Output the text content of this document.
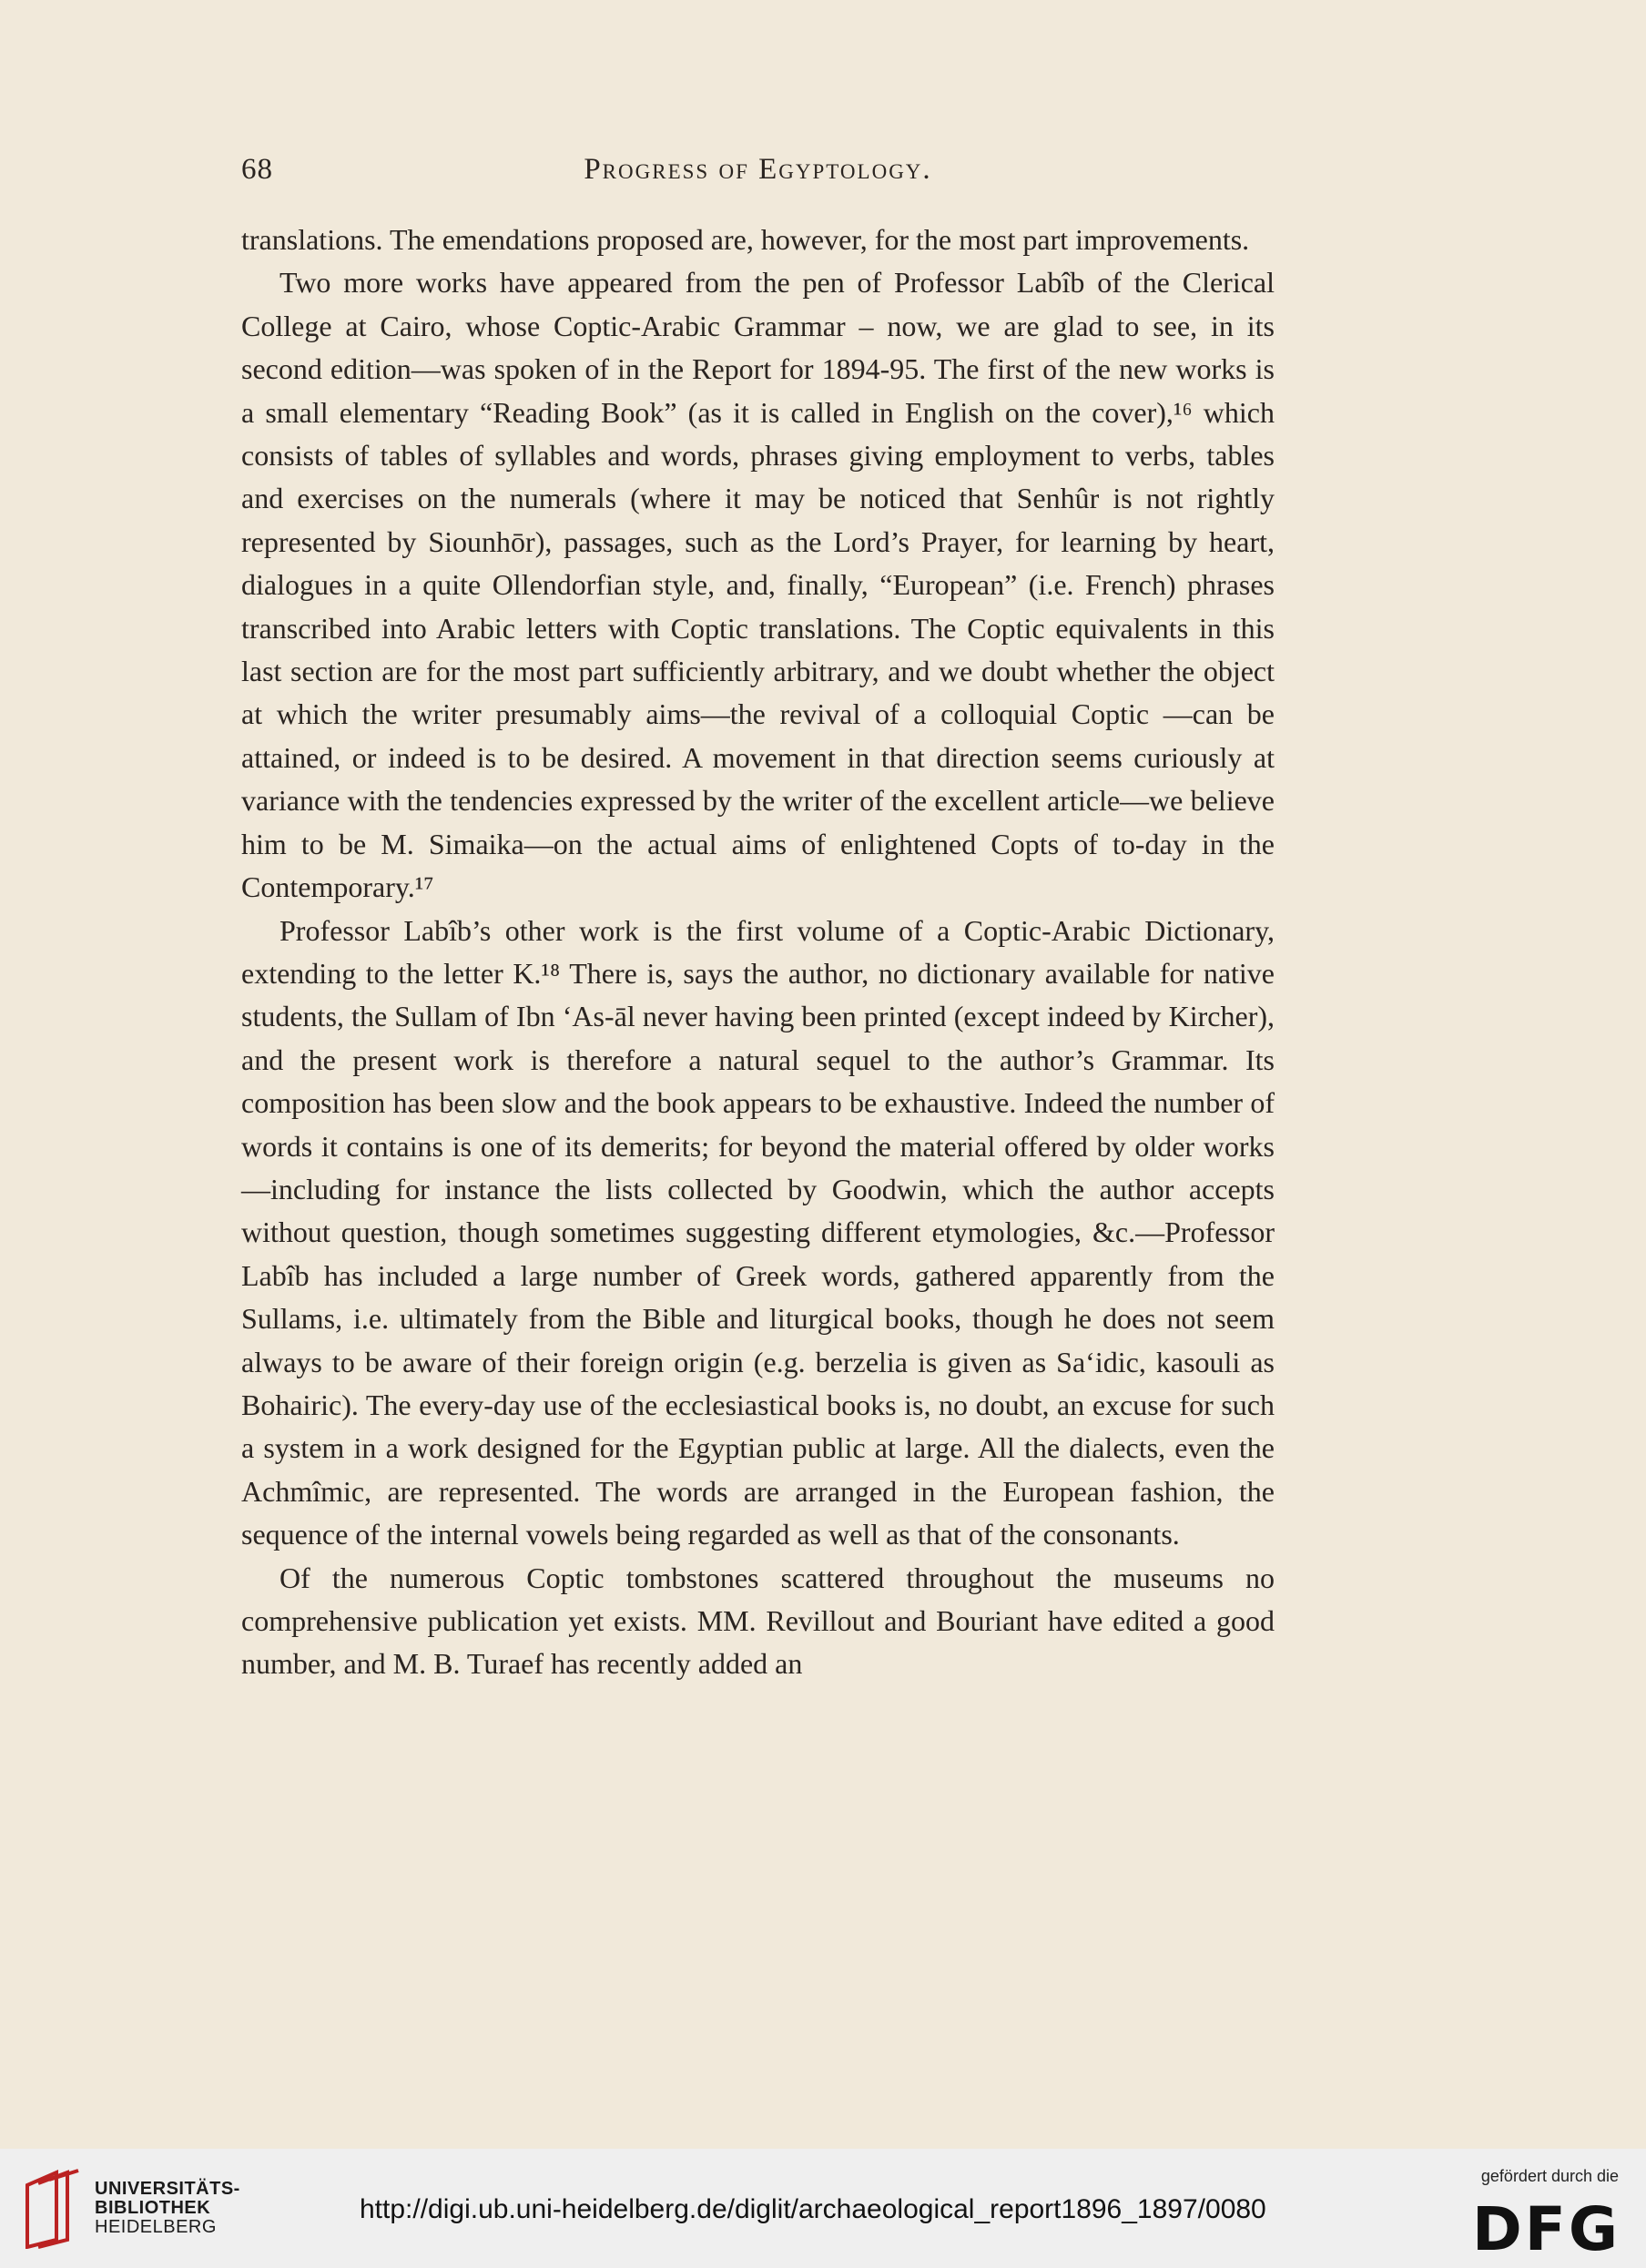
68	Progress of Egyptology.

translations. The emendations proposed are, however, for the most part improvements.

Two more works have appeared from the pen of Professor Labîb of the Clerical College at Cairo, whose Coptic-Arabic Grammar – now, we are glad to see, in its second edition—was spoken of in the Report for 1894-95. The first of the new works is a small elementary “Reading Book” (as it is called in English on the cover),¹⁶ which consists of tables of syllables and words, phrases giving employment to verbs, tables and exercises on the numerals (where it may be noticed that Senhûr is not rightly represented by Siounhōr), passages, such as the Lord’s Prayer, for learning by heart, dialogues in a quite Ollendorfian style, and, finally, “European” (i.e. French) phrases transcribed into Arabic letters with Coptic translations. The Coptic equivalents in this last section are for the most part sufficiently arbitrary, and we doubt whether the object at which the writer presumably aims—the revival of a colloquial Coptic —can be attained, or indeed is to be desired. A movement in that direction seems curiously at variance with the tendencies expressed by the writer of the excellent article—we believe him to be M. Simaika—on the actual aims of enlightened Copts of to-day in the Contemporary.¹⁷

Professor Labîb’s other work is the first volume of a Coptic-Arabic Dictionary, extending to the letter K.¹⁸ There is, says the author, no dictionary available for native students, the Sullam of Ibn ‘As-āl never having been printed (except indeed by Kircher), and the present work is therefore a natural sequel to the author’s Grammar. Its composition has been slow and the book appears to be exhaustive. Indeed the number of words it contains is one of its demerits; for beyond the material offered by older works—including for instance the lists collected by Goodwin, which the author accepts without question, though sometimes suggesting different etymologies, &c.—Professor Labîb has included a large number of Greek words, gathered apparently from the Sullams, i.e. ultimately from the Bible and liturgical books, though he does not seem always to be aware of their foreign origin (e.g. berzelia is given as Sa‘idic, kasouli as Bohairic). The every-day use of the ecclesiastical books is, no doubt, an excuse for such a system in a work designed for the Egyptian public at large. All the dialects, even the Achmîmic, are represented. The words are arranged in the European fashion, the sequence of the internal vowels being regarded as well as that of the consonants.

Of the numerous Coptic tombstones scattered throughout the museums no comprehensive publication yet exists. MM. Revillout and Bouriant have edited a good number, and M. B. Turaef has recently added an

UNIVERSITÄTS-
BIBLIOTHEK
HEIDELBERG
http://digi.ub.uni-heidelberg.de/diglit/archaeological_report1896_1897/0080
gefördert durch die
DFG
